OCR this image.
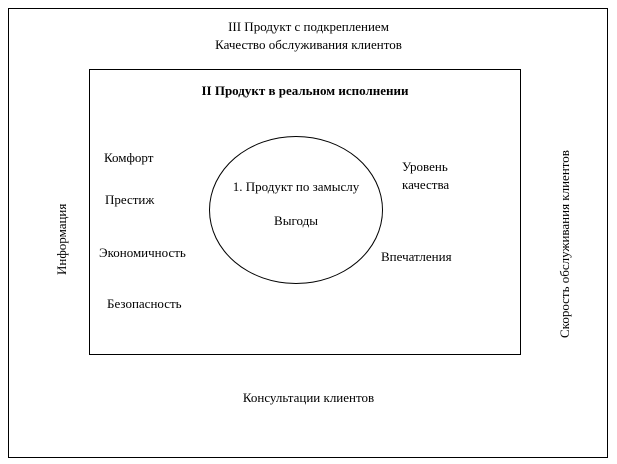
III Продукт с подкреплением
Качество обслуживания клиентов
Консультации клиентов
Информация	Скорость обслуживания клиентов
II Продукт в реальном исполнении
Комфорт
Престиж
Экономичность
Безопасность
Уровень
качества
Впечатления
1. Продукт по замыслу
Выгоды
